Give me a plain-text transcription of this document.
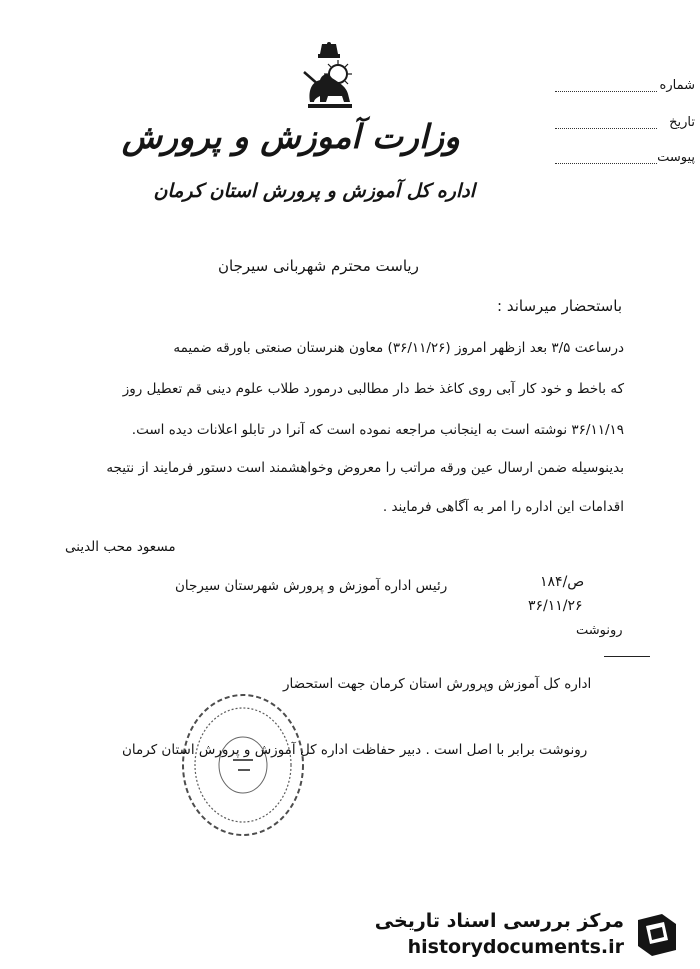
وزارت آموزش و پرورش
اداره کل آموزش و پرورش استان کرمان
شماره
تاریخ
پیوست
ریاست محترم شهربانی سیرجان
باستحضار میرساند :
درساعت ۳/۵ بعد ازظهر امروز (۳۶/۱۱/۲۶) معاون هنرستان صنعتی باورقه ضمیمه
که باخط و خود کار آبی روی کاغذ خط دار مطالبی درمورد طلاب علوم دینی قم تعطیل روز
۳۶/۱۱/۱۹ نوشته است به اینجانب مراجعه نموده است که آنرا در تابلو اعلانات دیده است.
بدینوسیله ضمن ارسال عین ورقه مراتب را معروض وخواهشمند است دستور فرمایند از نتیجه
اقدامات این اداره را امر به آگاهی فرمایند .
مسعود محب الدینی
رئیس اداره آموزش و پرورش شهرستان سیرجان	ص/۱۸۴
۳۶/۱۱/۲۶
رونوشت
اداره کل آموزش وپرورش استان کرمان جهت استحضار
رونوشت برابر با اصل است . دبیر حفاظت اداره کل آموزش و پرورش استان کرمان
مرکز بررسی اسناد تاریخی
historydocuments.ir
